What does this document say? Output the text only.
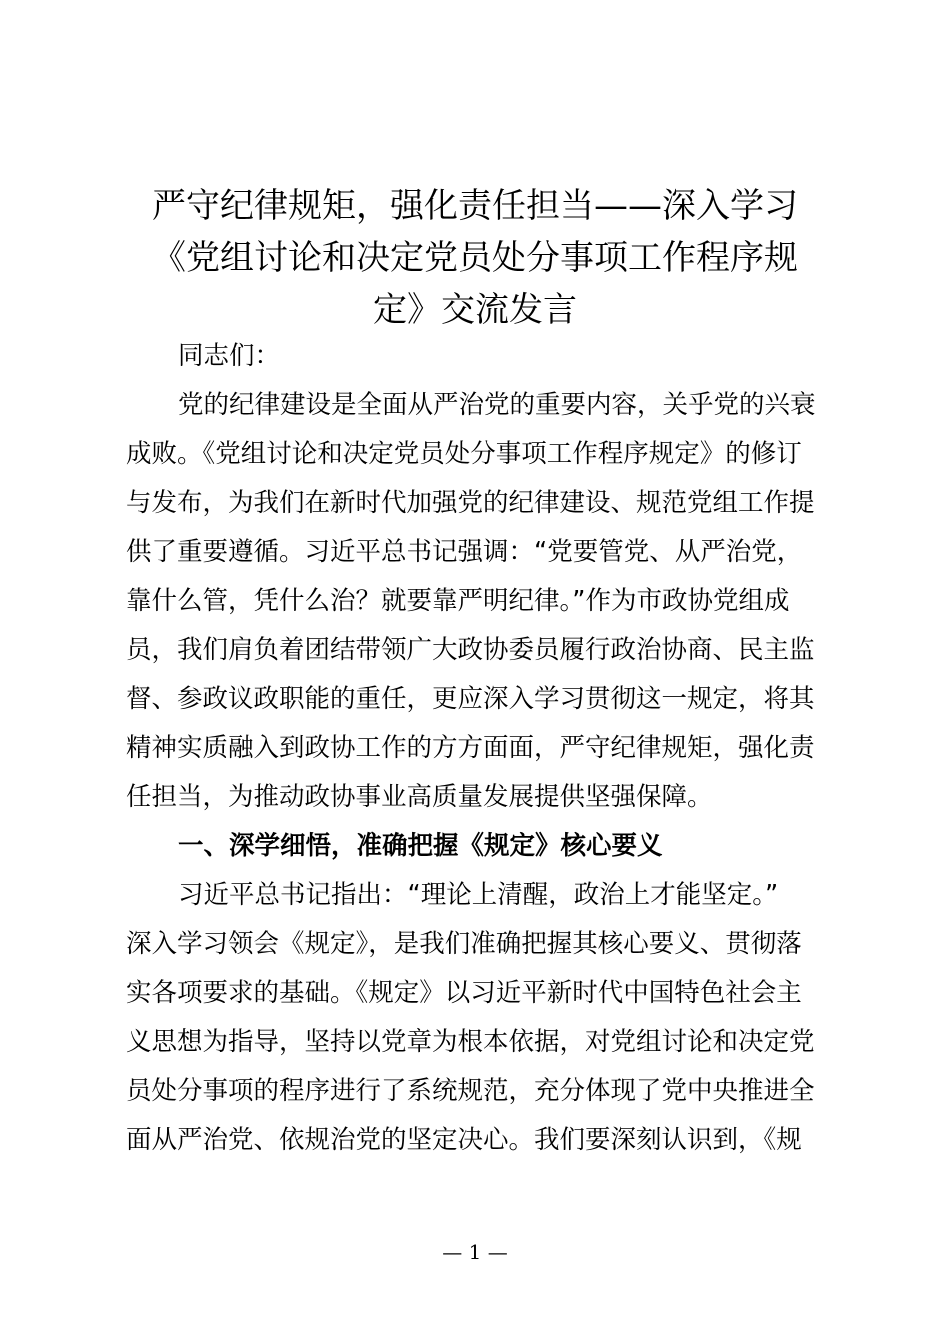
严守纪律规矩，强化责任担当——深入学习
《党组讨论和决定党员处分事项工作程序规
定》交流发言
同志们：
党的纪律建设是全面从严治党的重要内容，关乎党的兴衰
成败。《党组讨论和决定党员处分事项工作程序规定》的修订
与发布，为我们在新时代加强党的纪律建设、规范党组工作提
供了重要遵循。习近平总书记强调：“党要管党、从严治党，
靠什么管，凭什么治？就要靠严明纪律。”作为市政协党组成
员，我们肩负着团结带领广大政协委员履行政治协商、民主监
督、参政议政职能的重任，更应深入学习贯彻这一规定，将其
精神实质融入到政协工作的方方面面，严守纪律规矩，强化责
任担当，为推动政协事业高质量发展提供坚强保障。
一、深学细悟，准确把握《规定》核心要义
习近平总书记指出：“理论上清醒，政治上才能坚定。”
深入学习领会《规定》，是我们准确把握其核心要义、贯彻落
实各项要求的基础。《规定》以习近平新时代中国特色社会主
义思想为指导，坚持以党章为根本依据，对党组讨论和决定党
员处分事项的程序进行了系统规范，充分体现了党中央推进全
面从严治党、依规治党的坚定决心。我们要深刻认识到，《规
— 1 —
